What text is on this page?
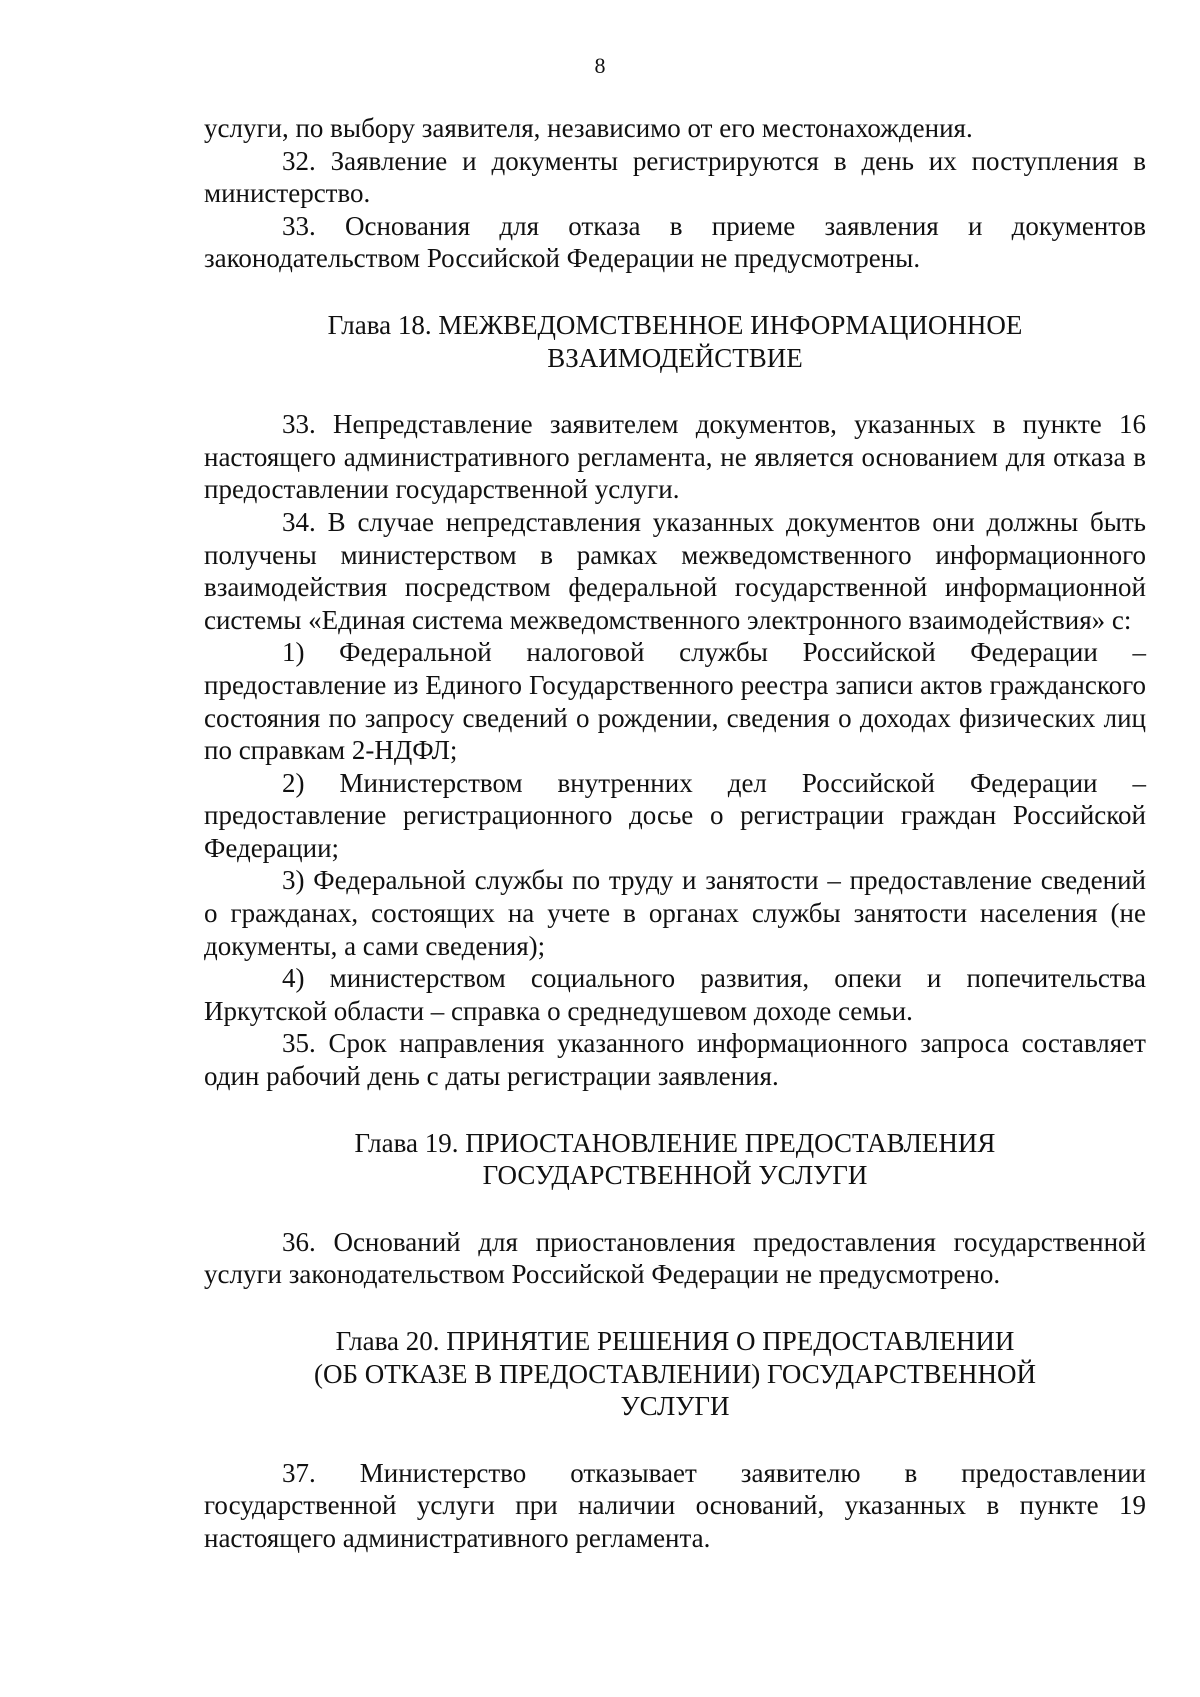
8

услуги, по выбору заявителя, независимо от его местонахождения.

32. Заявление и документы регистрируются в день их поступления в министерство.

33. Основания для отказа в приеме заявления и документов законодательством Российской Федерации не предусмотрены.

Глава 18. МЕЖВЕДОМСТВЕННОЕ ИНФОРМАЦИОННОЕ
ВЗАИМОДЕЙСТВИЕ

33. Непредставление заявителем документов, указанных в пункте 16 настоящего административного регламента, не является основанием для отказа в предоставлении государственной услуги.

34. В случае непредставления указанных документов они должны быть получены министерством в рамках межведомственного информационного взаимодействия посредством федеральной государственной информационной системы «Единая система межведомственного электронного взаимодействия» с:

1) Федеральной налоговой службы Российской Федерации – предоставление из Единого Государственного реестра записи актов гражданского состояния по запросу сведений о рождении, сведения о доходах физических лиц по справкам 2-НДФЛ;

2) Министерством внутренних дел Российской Федерации – предоставление регистрационного досье о регистрации граждан Российской Федерации;

3) Федеральной службы по труду и занятости – предоставление сведений о гражданах, состоящих на учете в органах службы занятости населения (не документы, а сами сведения);

4) министерством социального развития, опеки и попечительства Иркутской области – справка о среднедушевом доходе семьи.

35. Срок направления указанного информационного запроса составляет один рабочий день с даты регистрации заявления.

Глава 19. ПРИОСТАНОВЛЕНИЕ ПРЕДОСТАВЛЕНИЯ
ГОСУДАРСТВЕННОЙ УСЛУГИ

36. Оснований для приостановления предоставления государственной услуги законодательством Российской Федерации не предусмотрено.

Глава 20. ПРИНЯТИЕ РЕШЕНИЯ О ПРЕДОСТАВЛЕНИИ
(ОБ ОТКАЗЕ В ПРЕДОСТАВЛЕНИИ) ГОСУДАРСТВЕННОЙ
УСЛУГИ

37. Министерство отказывает заявителю в предоставлении государственной услуги при наличии оснований, указанных в пункте 19 настоящего административного регламента.
